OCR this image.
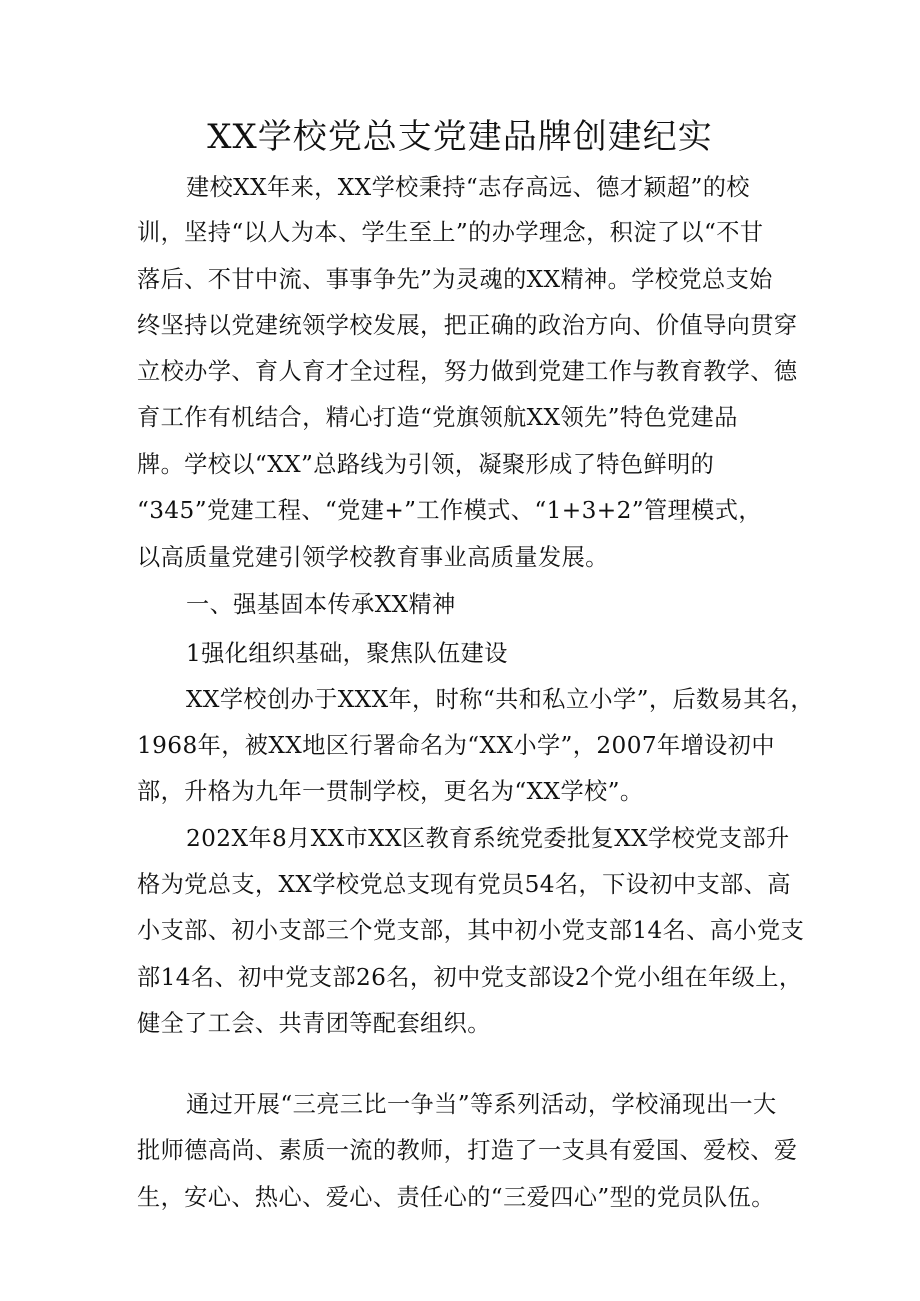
XX学校党总支党建品牌创建纪实
建校XX年来，XX学校秉持“志存高远、德才颖超”的校
训，坚持“以人为本、学生至上”的办学理念，积淀了以“不甘
落后、不甘中流、事事争先”为灵魂的XX精神。学校党总支始
终坚持以党建统领学校发展，把正确的政治方向、价值导向贯穿
立校办学、育人育才全过程，努力做到党建工作与教育教学、德
育工作有机结合，精心打造“党旗领航XX领先”特色党建品
牌。学校以“XX”总路线为引领，凝聚形成了特色鲜明的
“345”党建工程、“党建+”工作模式、“1+3+2”管理模式，
以高质量党建引领学校教育事业高质量发展。
一、强基固本传承XX精神
1强化组织基础，聚焦队伍建设
XX学校创办于XXX年，时称“共和私立小学”，后数易其名，
1968年，被XX地区行署命名为“XX小学”，2007年增设初中
部，升格为九年一贯制学校，更名为“XX学校”。
202X年8月XX市XX区教育系统党委批复XX学校党支部升
格为党总支，XX学校党总支现有党员54名，下设初中支部、高
小支部、初小支部三个党支部，其中初小党支部14名、高小党支
部14名、初中党支部26名，初中党支部设2个党小组在年级上，
健全了工会、共青团等配套组织。
通过开展“三亮三比一争当”等系列活动，学校涌现出一大
批师德高尚、素质一流的教师，打造了一支具有爱国、爱校、爱
生，安心、热心、爱心、责任心的“三爱四心”型的党员队伍。
